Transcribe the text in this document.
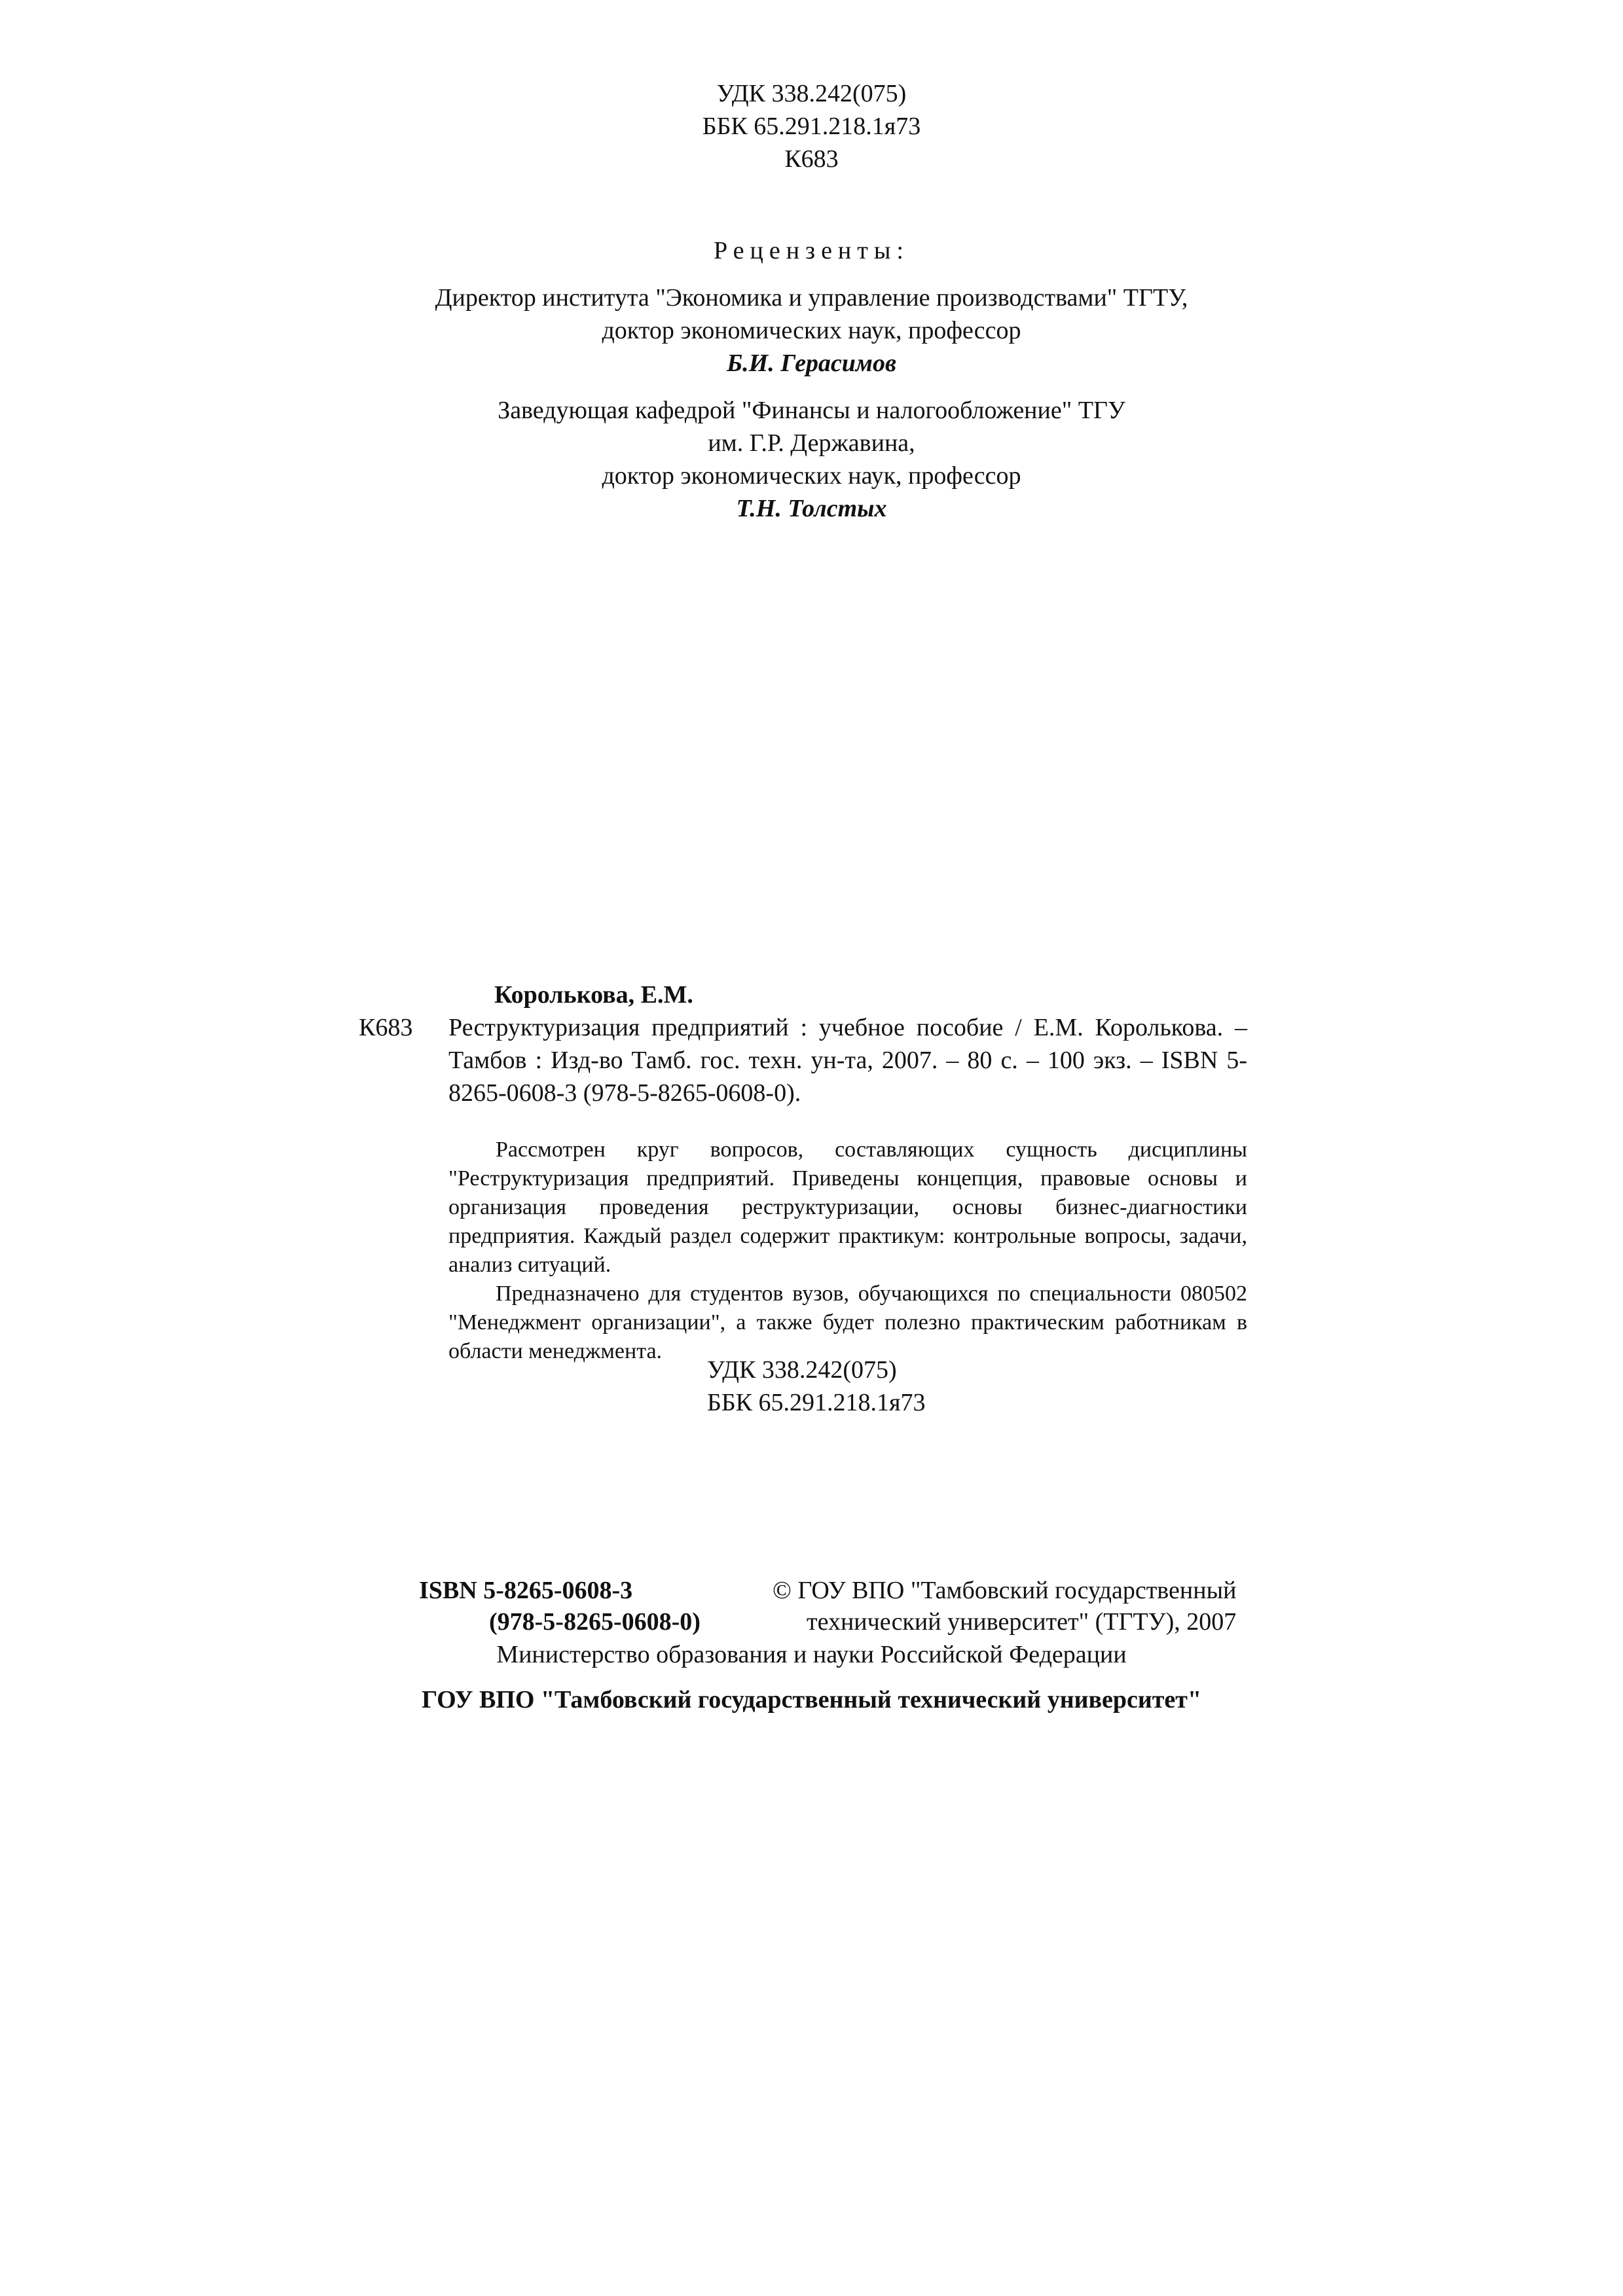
УДК 338.242(075)
ББК 65.291.218.1я73
К683
Рецензенты:
Директор института "Экономика и управление производствами" ТГТУ,
доктор экономических наук, профессор
Б.И. Герасимов
Заведующая кафедрой "Финансы и налогообложение" ТГУ
им. Г.Р. Державина,
доктор экономических наук, профессор
Т.Н. Толстых
Королькова, Е.М.
К683 Реструктуризация предприятий : учебное пособие / Е.М. Королькова. – Тамбов : Изд-во Тамб. гос. техн. ун-та, 2007. – 80 с. – 100 экз. – ISBN 5-8265-0608-3 (978-5-8265-0608-0).

Рассмотрен круг вопросов, составляющих сущность дисциплины "Реструктуризация предприятий. Приведены концепция, правовые основы и организация проведения реструктуризации, основы бизнес-диагностики предприятия. Каждый раздел содержит практикум: контрольные вопросы, задачи, анализ ситуаций.

Предназначено для студентов вузов, обучающихся по специальности 080502 "Менеджмент организации", а также будет полезно практическим работникам в области менеджмента.

УДК 338.242(075)
ББК 65.291.218.1я73
ISBN 5-8265-0608-3
(978-5-8265-0608-0)
© ГОУ ВПО "Тамбовский государственный
технический университет" (ТГТУ), 2007
Министерство образования и науки Российской Федерации
ГОУ ВПО "Тамбовский государственный технический университет"
